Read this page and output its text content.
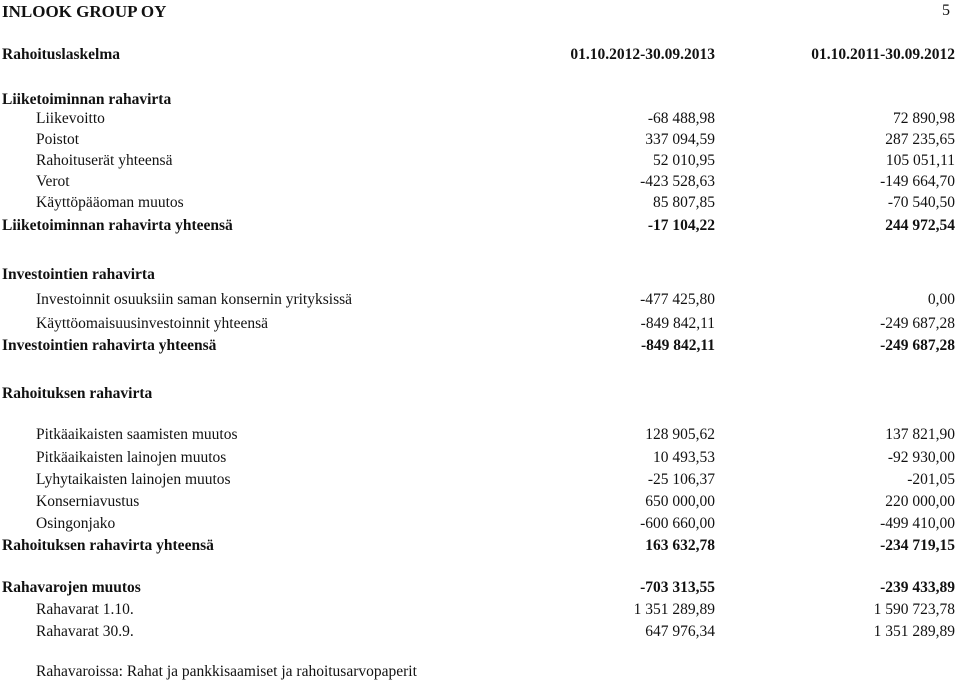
INLOOK GROUP OY	5
Rahoituslaskelma	01.10.2012-30.09.2013	01.10.2011-30.09.2012
Liiketoiminnan rahavirta
Liikevoitto	-68 488,98	72 890,98
Poistot	337 094,59	287 235,65
Rahoituserät yhteensä	52 010,95	105 051,11
Verot	-423 528,63	-149 664,70
Käyttöpääoman muutos	85 807,85	-70 540,50
Liiketoiminnan rahavirta yhteensä	-17 104,22	244 972,54
Investointien rahavirta
Investoinnit osuuksiin saman konsernin yrityksissä	-477 425,80	0,00
Käyttöomaisuusinvestoinnit yhteensä	-849 842,11	-249 687,28
Investointien rahavirta yhteensä	-849 842,11	-249 687,28
Rahoituksen rahavirta
Pitkäaikaisten saamisten muutos	128 905,62	137 821,90
Pitkäaikaisten lainojen muutos	10 493,53	-92 930,00
Lyhytaikaisten lainojen muutos	-25 106,37	-201,05
Konserniavustus	650 000,00	220 000,00
Osingonjako	-600 660,00	-499 410,00
Rahoituksen rahavirta yhteensä	163 632,78	-234 719,15
Rahavarojen muutos	-703 313,55	-239 433,89
Rahavarat 1.10.	1 351 289,89	1 590 723,78
Rahavarat 30.9.	647 976,34	1 351 289,89
Rahavaroissa: Rahat ja pankkisaamiset ja rahoitusarvopaperit
